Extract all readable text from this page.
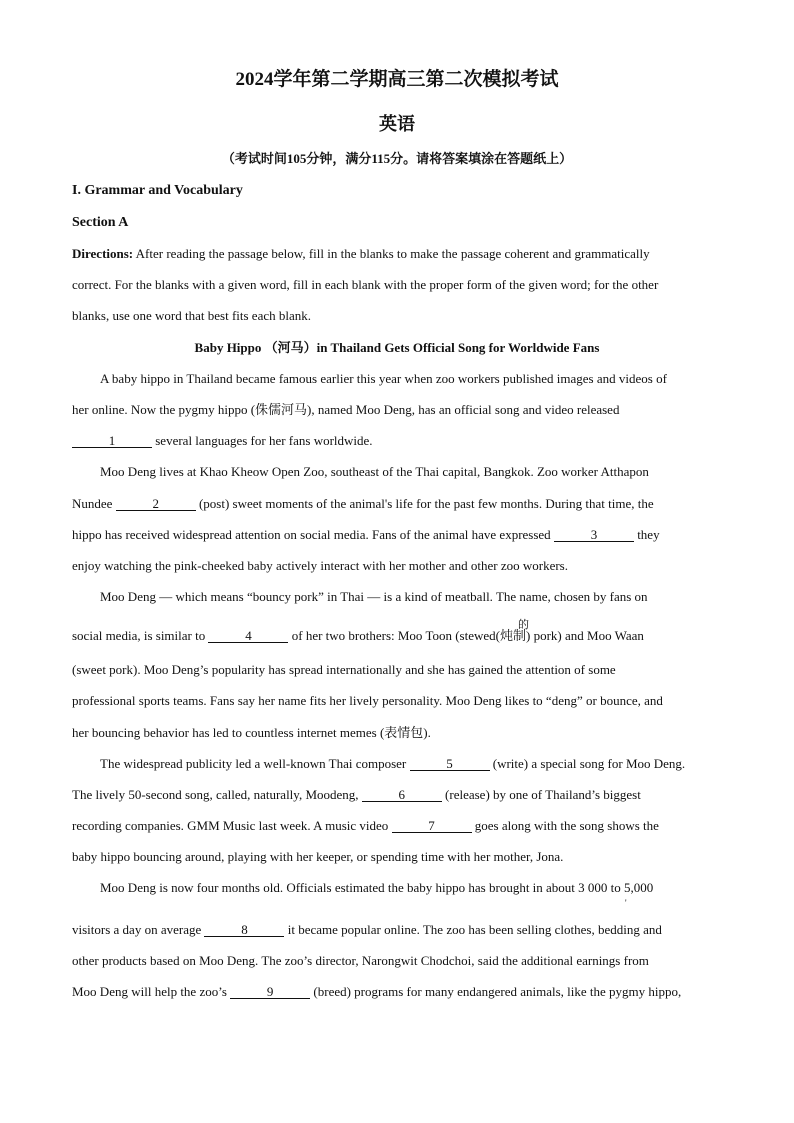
2024学年第二学期高三第二次模拟考试
英语
（考试时间105分钟，满分115分。请将答案填涂在答题纸上）
I. Grammar and Vocabulary
Section A
Directions: After reading the passage below, fill in the blanks to make the passage coherent and grammatically
correct. For the blanks with a given word, fill in each blank with the proper form of the given word; for the other
blanks, use one word that best fits each blank.
Baby Hippo （河马）in Thailand Gets Official Song for Worldwide Fans
A baby hippo in Thailand became famous earlier this year when zoo workers published images and videos of
her online. Now the pygmy hippo (侏儒河马), named Moo Deng, has an official song and video released
1	several languages for her fans worldwide.
Moo Deng lives at Khao Kheow Open Zoo, southeast of the Thai capital, Bangkok. Zoo worker Atthapon
Nundee	2	(post) sweet moments of the animal's life for the past few months. During that time, the
hippo has received widespread attention on social media. Fans of the animal have expressed	3	they
enjoy watching the pink-cheeked baby actively interact with her mother and other zoo workers.
Moo Deng — which means “bouncy pork” in Thai — is a kind of meatball. The name, chosen by fans on
social media, is similar to	4	of her two brothers: Moo Toon (stewed(炖制
的
) pork) and Moo Waan
(sweet pork). Moo Deng’s popularity has spread internationally and she has gained the attention of some
professional sports teams. Fans say her name fits her lively personality. Moo Deng likes to “deng” or bounce, and
her bouncing behavior has led to countless internet memes (表情包).
The widespread publicity led a well-known Thai composer	5	(write) a special song for Moo Deng.
The lively 50-second song, called, naturally, Moodeng,	6	(release) by one of Thailand’s biggest
recording companies. GMM Music last week. A music video	7	goes along with the song shows the
baby hippo bouncing around, playing with her keeper, or spending time with her mother, Jona.
Moo Deng is now four months old. Officials estimated the baby hippo has brought in about 3 000 to 5,000
'
visitors a day on average	8	it became popular online. The zoo has been selling clothes, bedding and
other products based on Moo Deng. The zoo’s director, Narongwit Chodchoi, said the additional earnings from
Moo Deng will help the zoo’s	9	(breed) programs for many endangered animals, like the pygmy hippo,
